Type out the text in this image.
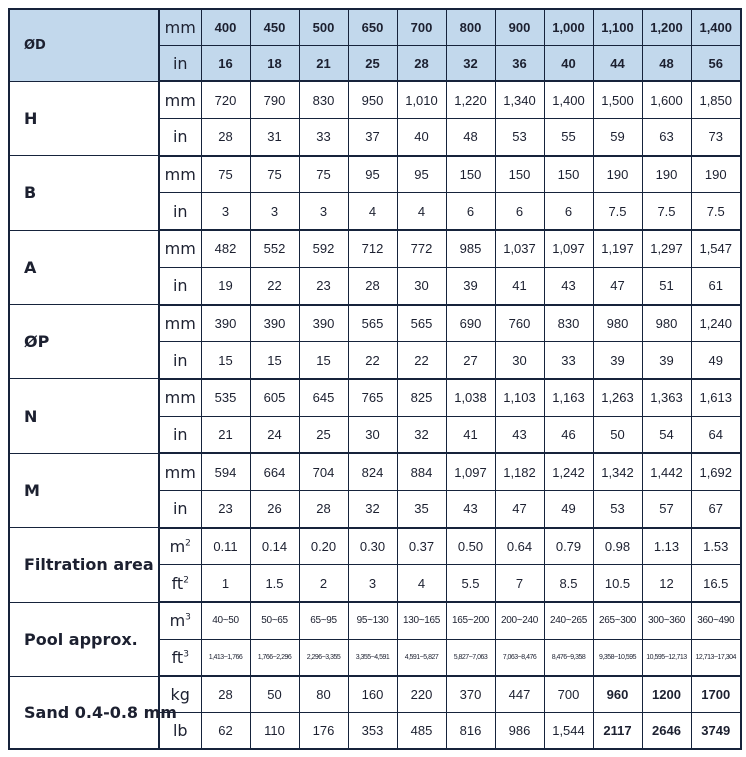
ØD	mm	400	450	500	650	700	800	900	1,000	1,100	1,200	1,400
	in	16	18	21	25	28	32	36	40	44	48	56
H	mm	720	790	830	950	1,010	1,220	1,340	1,400	1,500	1,600	1,850
	in	28	31	33	37	40	48	53	55	59	63	73
B	mm	75	75	75	95	95	150	150	150	190	190	190
	in	3	3	3	4	4	6	6	6	7.5	7.5	7.5
A	mm	482	552	592	712	772	985	1,037	1,097	1,197	1,297	1,547
	in	19	22	23	28	30	39	41	43	47	51	61
ØP	mm	390	390	390	565	565	690	760	830	980	980	1,240
	in	15	15	15	22	22	27	30	33	39	39	49
N	mm	535	605	645	765	825	1,038	1,103	1,163	1,263	1,363	1,613
	in	21	24	25	30	32	41	43	46	50	54	64
M	mm	594	664	704	824	884	1,097	1,182	1,242	1,342	1,442	1,692
	in	23	26	28	32	35	43	47	49	53	57	67
Filtration area	$m^2$	0.11	0.14	0.20	0.30	0.37	0.50	0.64	0.79	0.98	1.13	1.53
	$ft^2$	1	1.5	2	3	4	5.5	7	8.5	10.5	12	16.5
Pool approx.	$m^3$	40~50	50~65	65~95	95~130	130~165	165~200	200~240	240~265	265~300	300~360	360~490
	$ft^3$	1,413~1,766	1,766~2,296	2,296~3,355	3,355~4,591	4,591~5,827	5,827~7,063	7,063~8,476	8,476~9,358	9,358~10,595	10,595~12,713	12,713~17,304
Sand 0.4-0.8 mm	kg	28	50	80	160	220	370	447	700	960	1200	1700
	lb	62	110	176	353	485	816	986	1,544	2117	2646	3749
